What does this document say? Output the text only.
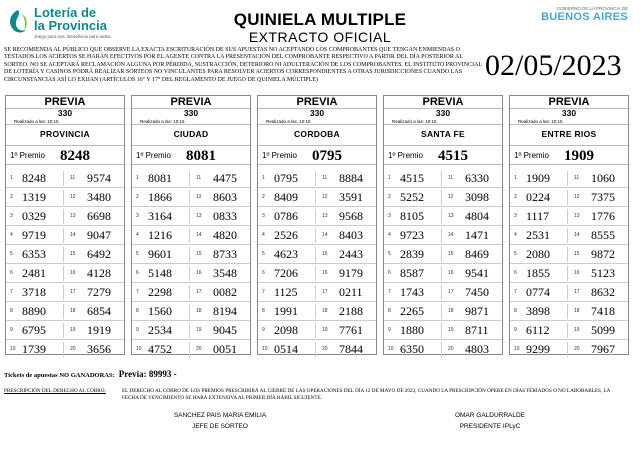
Lotería de
la Provincia
Juego para vos. Beneficios para todos.
QUINIELA MULTIPLE
EXTRACTO OFICIAL
GOBIERNO DE LA PROVINCIA DE
BUENOS AIRES
SE RECOMIENDA AL PÚBLICO QUE OBSERVE LA EXACTA ESCRITURACIÓN DE SUS APUESTAS NO ACEPTANDO LOS COMPROBANTES QUE TENGAN ENMIENDAS O TESTADOS.LOS ACIERTOS SE HARÁN EFECTIVOS POR EL AGENTE CONTRA LA PRESENTACIÓN DEL COMPROBANTE RESPECTIVO A PARTIR DEL DÍA POSTERIOR AL SORTEO. NO SE ACEPTARÁ RECLAMACIÓN ALGUNA POR PÉRDIDA, SUSTRACCIÓN, DETERIORO NI ADULTERACIÓN DE LOS COMPROBANTES. EL INSTITUTO PROVINCIAL DE LOTERÍA Y CASINOS PODRÁ REALIZAR SORTEOS NO VINCULANTES PARA RESOLVER ACIERTOS CORRESPONDIENTES A OTRAS JURISDICCIONES CUANDO LAS CIRCUNSTANCIAS ASÍ LO EXIJAN (ARTÍCULOS 16° Y 17° DEL REGLAMENTO DE JUEGO DE QUINIELA MÚLTIPLE)	02/05/2023
PREVIA
330
Realizado a las: 10:15
PROVINCIA
1º Premio 8248
1 8248	11 9574
2 1319	12 3480
3 0329	13 6698
4 9719	14 9047
5 6353	15 6492
6 2481	16 4128
7 3718	17 7279
8 8890	18 6854
9 6795	19 1919
10 1739	20 3656
PREVIA
330
Realizado a las: 10:15
CIUDAD
1º Premio 8081
1 8081	11 4475
2 1866	12 8603
3 3164	13 0833
4 1216	14 4820
5 9601	15 8733
6 5148	16 3548
7 2298	17 0082
8 1560	18 8194
9 2534	19 9045
10 4752	20 0051
PREVIA
330
Realizado a las: 10:15
CORDOBA
1º Premio 0795
1 0795	11 8884
2 8409	12 3591
3 0786	13 9568
4 2526	14 8403
5 4623	15 2443
6 7206	16 9179
7 1125	17 0211
8 1991	18 2188
9 2098	19 7761
10 0514	20 7844
PREVIA
330
Realizado a las: 10:15
SANTA FE
1º Premio 4515
1 4515	11 6330
2 5252	12 3098
3 8105	13 4804
4 9723	14 1471
5 2839	15 8469
6 8587	16 9541
7 1743	17 7450
8 2265	18 9871
9 1880	19 8711
10 6350	20 4803
PREVIA
330
Realizado a las: 10:15
ENTRE RIOS
1º Premio 1909
1 1909	11 1060
2 0224	12 7375
3 1117	13 1776
4 2531	14 8555
5 2080	15 9872
6 1855	16 5123
7 0774	17 8632
8 3898	18 7418
9 6112	19 5099
10 9299	20 7967
Tickets de apuestas NO GANADORAS: Previa: 89993 -
PRESCRIPCIÓN DEL DERECHO AL COBRO:	EL DERECHO AL COBRO DE LOS PREMIOS PRESCRIBIRÁ AL CIERRE DE LAS OPERACIONES DEL DÍA 12 DE MAYO DE 2023, CUANDO LA PRESCRIPCIÓN OPERE EN DÍAS FERIADOS O NO LABORABLES, LA FECHA DE VENCIMIENTO SE HARÁ EXTENSIVA AL PRIMER DÍA HÁBIL SIGUIENTE.
SANCHEZ PAIS MARIA EMILIA
JEFE DE SORTEO
OMAR GALDURRALDE
PRESIDENTE IPLyC
